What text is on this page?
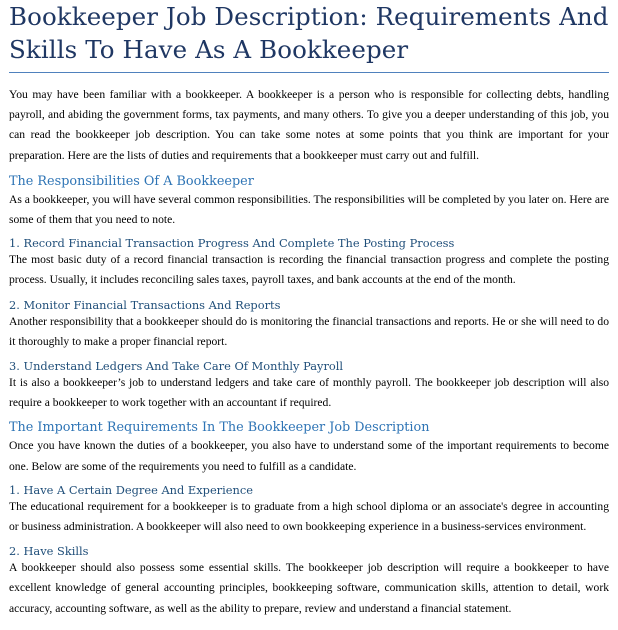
Bookkeeper Job Description: Requirements And Skills To Have As A Bookkeeper

You may have been familiar with a bookkeeper. A bookkeeper is a person who is responsible for collecting debts, handling payroll, and abiding the government forms, tax payments, and many others. To give you a deeper understanding of this job, you can read the bookkeeper job description. You can take some notes at some points that you think are important for your preparation. Here are the lists of duties and requirements that a bookkeeper must carry out and fulfill.

The Responsibilities Of A Bookkeeper

As a bookkeeper, you will have several common responsibilities. The responsibilities will be completed by you later on. Here are some of them that you need to note.

1. Record Financial Transaction Progress And Complete The Posting Process

The most basic duty of a record financial transaction is recording the financial transaction progress and complete the posting process. Usually, it includes reconciling sales taxes, payroll taxes, and bank accounts at the end of the month.

2. Monitor Financial Transactions And Reports

Another responsibility that a bookkeeper should do is monitoring the financial transactions and reports. He or she will need to do it thoroughly to make a proper financial report.

3. Understand Ledgers And Take Care Of Monthly Payroll

It is also a bookkeeper’s job to understand ledgers and take care of monthly payroll. The bookkeeper job description will also require a bookkeeper to work together with an accountant if required.

The Important Requirements In The Bookkeeper Job Description

Once you have known the duties of a bookkeeper, you also have to understand some of the important requirements to become one. Below are some of the requirements you need to fulfill as a candidate.

1. Have A Certain Degree And Experience

The educational requirement for a bookkeeper is to graduate from a high school diploma or an associate's degree in accounting or business administration. A bookkeeper will also need to own bookkeeping experience in a business-services environment.

2. Have Skills

A bookkeeper should also possess some essential skills. The bookkeeper job description will require a bookkeeper to have excellent knowledge of general accounting principles, bookkeeping software, communication skills, attention to detail, work accuracy, accounting software, as well as the ability to prepare, review and understand a financial statement.
